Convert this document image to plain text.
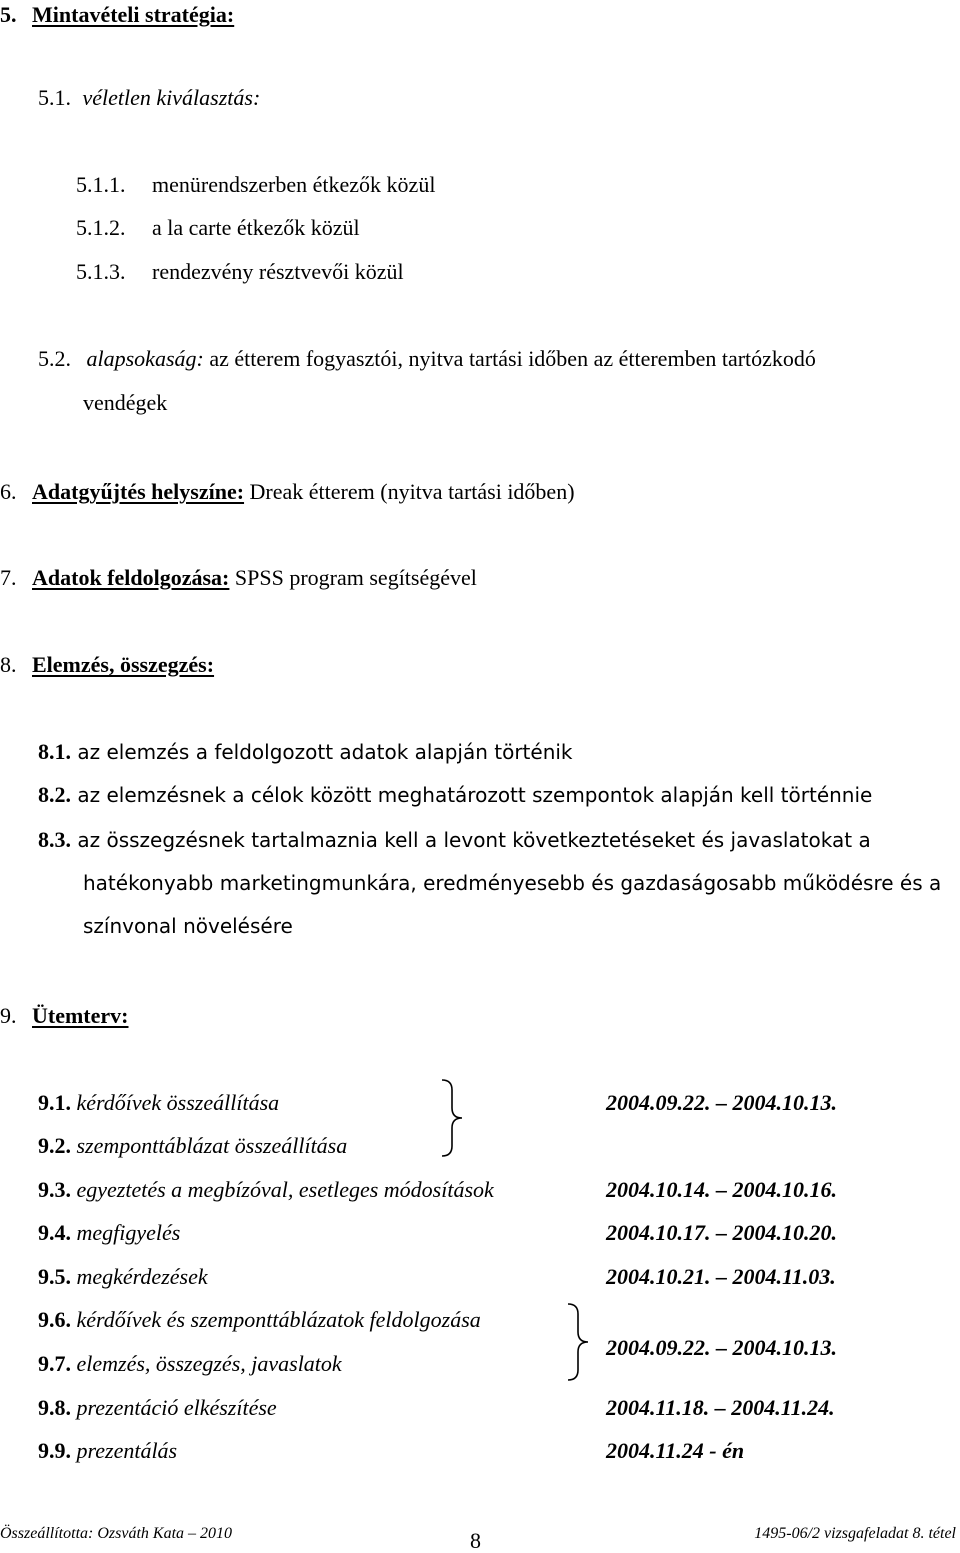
5. Mintavételi stratégia:
5.1. véletlen kiválasztás:
5.1.1. menürendszerben étkezők közül
5.1.2. a la carte étkezők közül
5.1.3. rendezvény résztvevői közül
5.2. alapsokaság: az étterem fogyasztói, nyitva tartási időben az étteremben tartózkodó
vendégek
6. Adatgyűjtés helyszíne: Dreak étterem (nyitva tartási időben)
7. Adatok feldolgozása: SPSS program segítségével
8. Elemzés, összegzés:
8.1. az elemzés a feldolgozott adatok alapján történik
8.2. az elemzésnek a célok között meghatározott szempontok alapján kell történnie
8.3. az összegzésnek tartalmaznia kell a levont következtetéseket és javaslatokat a
hatékonyabb marketingmunkára, eredményesebb és gazdaságosabb működésre és a
színvonal növelésére
9. Ütemterv:
9.1. kérdőívek összeállítása
9.2. szemponttáblázat összeállítása
9.3. egyeztetés a megbízóval, esetleges módosítások
9.4. megfigyelés
9.5. megkérdezések
9.6. kérdőívek és szemponttáblázatok feldolgozása
9.7. elemzés, összegzés, javaslatok
9.8. prezentáció elkészítése
9.9. prezentálás
2004.09.22. – 2004.10.13.
2004.10.14. – 2004.10.16.
2004.10.17. – 2004.10.20.
2004.10.21. – 2004.11.03.
2004.09.22. – 2004.10.13.
2004.11.18. – 2004.11.24.
2004.11.24 - én
Összeállította: Ozsváth Kata – 2010	8	1495-06/2 vizsgafeladat 8. tétel
